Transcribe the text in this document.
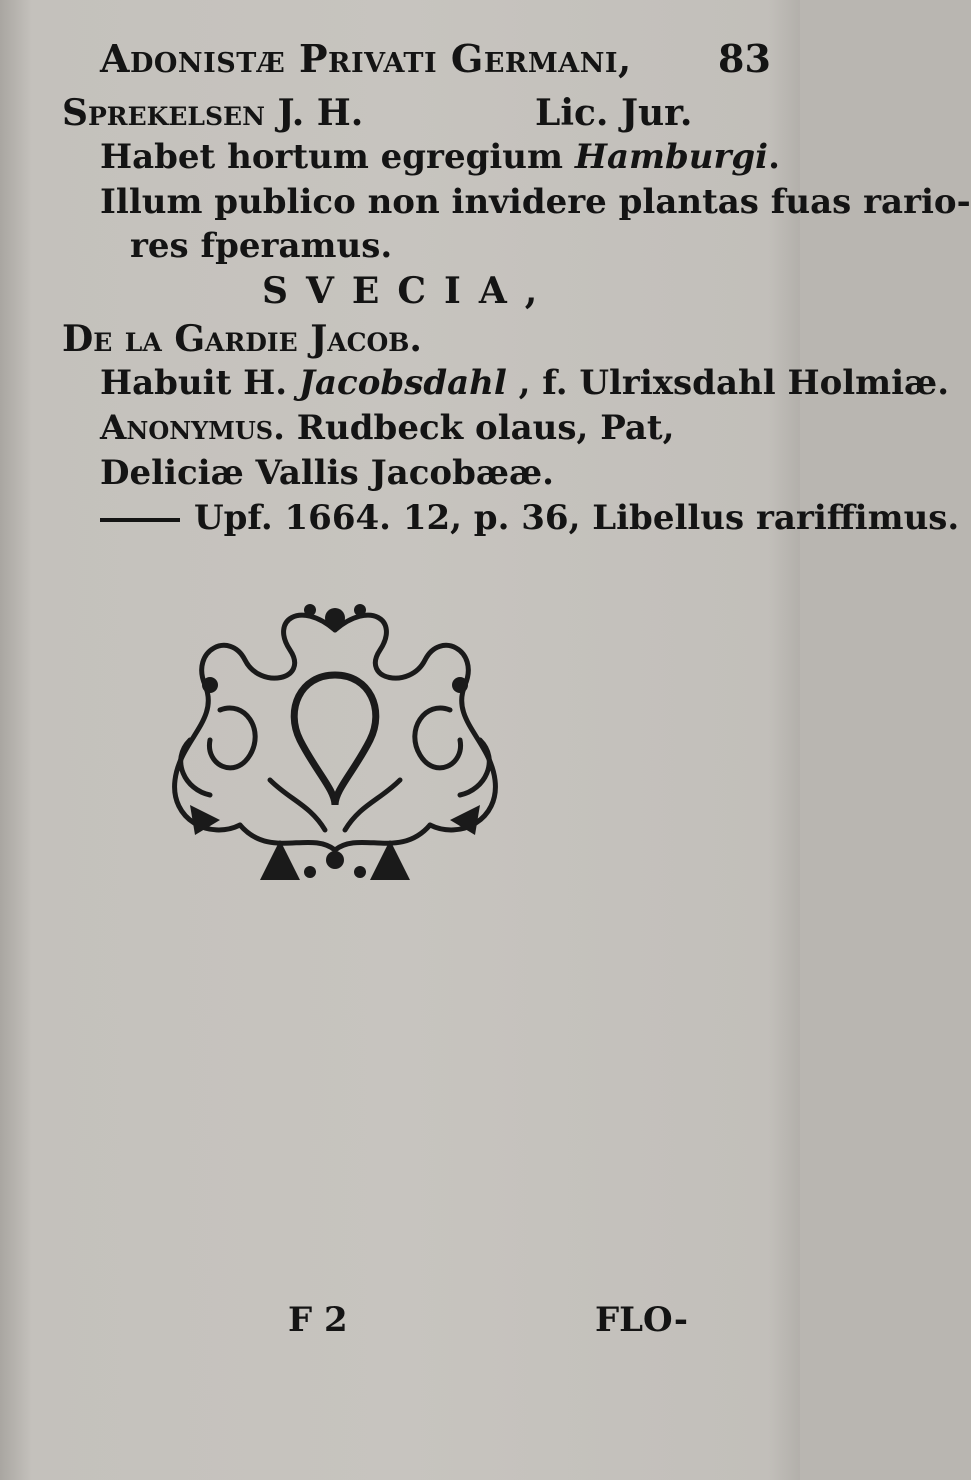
Adonistæ Privati Germani, 83
Sprekelsen J. H.	Lic. Jur.
Habet hortum egregium Hamburgi.
Illum publico non invidere plantas fuas rario-
res fperamus.
SVECIA,
De la Gardie Jacob.
Habuit H. Jacobsdahl , f. Ulrixsdahl Holmiæ.
Anonymus. Rudbeck olaus, Pat,
Deliciæ Vallis Jacobææ.
Upf. 1664. 12, p. 36, Libellus rariffimus.
F 2	FLO-
